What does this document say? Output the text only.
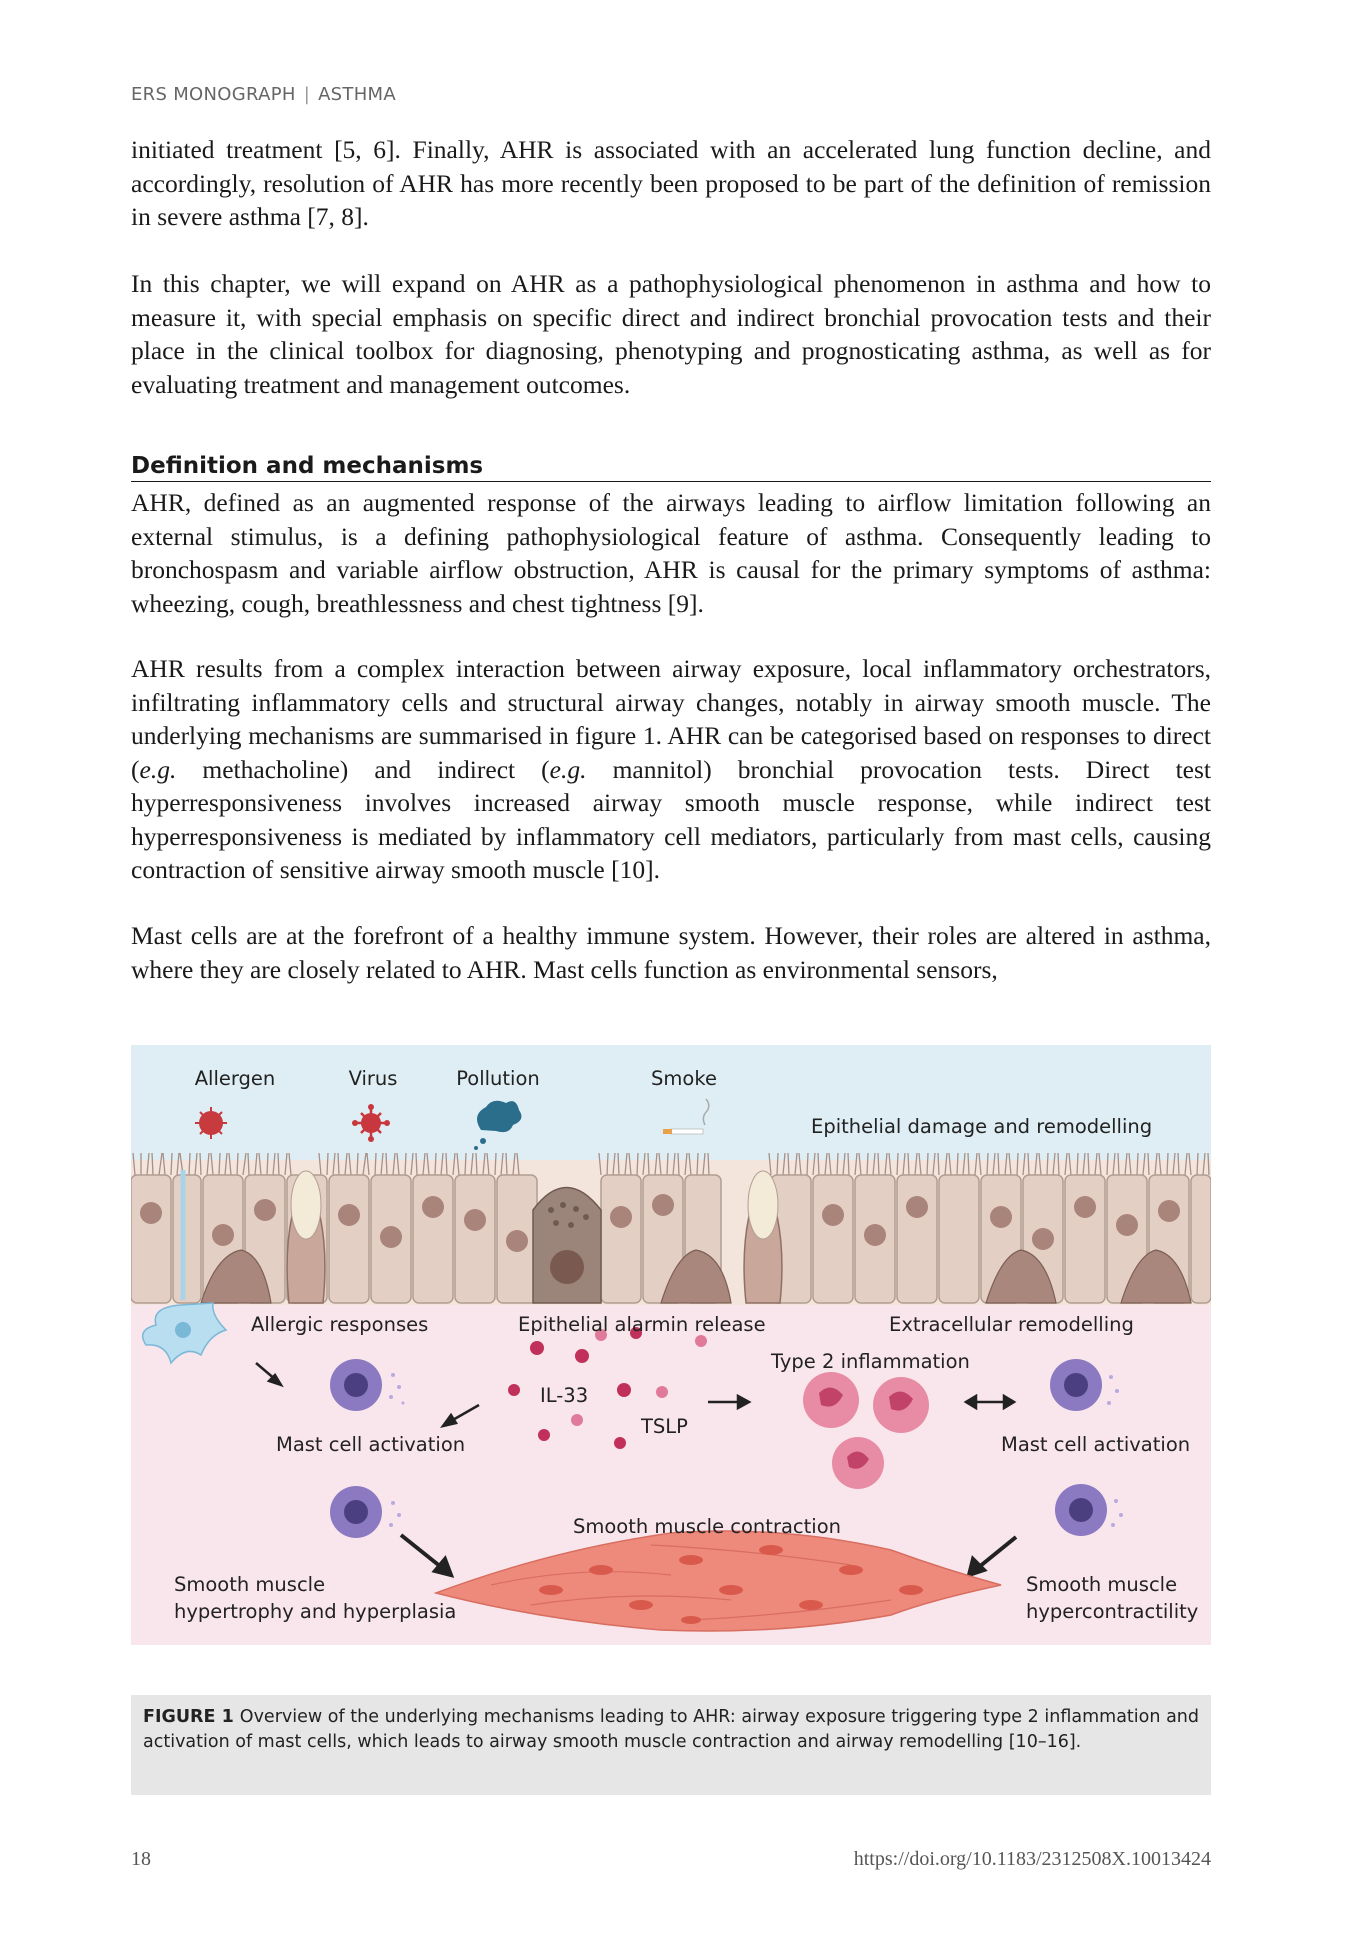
ERS MONOGRAPH | ASTHMA

initiated treatment [5, 6]. Finally, AHR is associated with an accelerated lung function decline, and accordingly, resolution of AHR has more recently been proposed to be part of the definition of remission in severe asthma [7, 8].

In this chapter, we will expand on AHR as a pathophysiological phenomenon in asthma and how to measure it, with special emphasis on specific direct and indirect bronchial provocation tests and their place in the clinical toolbox for diagnosing, phenotyping and prognosticating asthma, as well as for evaluating treatment and management outcomes.

Definition and mechanisms

AHR, defined as an augmented response of the airways leading to airflow limitation following an external stimulus, is a defining pathophysiological feature of asthma. Consequently leading to bronchospasm and variable airflow obstruction, AHR is causal for the primary symptoms of asthma: wheezing, cough, breathlessness and chest tightness [9].

AHR results from a complex interaction between airway exposure, local inflammatory orchestrators, infiltrating inflammatory cells and structural airway changes, notably in airway smooth muscle. The underlying mechanisms are summarised in figure 1. AHR can be categorised based on responses to direct (e.g. methacholine) and indirect (e.g. mannitol) bronchial provocation tests. Direct test hyperresponsiveness involves increased airway smooth muscle response, while indirect test hyperresponsiveness is mediated by inflammatory cell mediators, particularly from mast cells, causing contraction of sensitive airway smooth muscle [10].

Mast cells are at the forefront of a healthy immune system. However, their roles are altered in asthma, where they are closely related to AHR. Mast cells function as environmental sensors,

Allergen	Virus	Pollution	Smoke
Epithelial damage and remodelling
Allergic responses	Epithelial alarmin release	Extracellular remodelling
Type 2 inflammation
IL-33
TSLP
Mast cell activation	Mast cell activation
Smooth muscle contraction
Smooth muscle
hypertrophy and hyperplasia
Smooth muscle
hypercontractility
FIGURE 1 Overview of the underlying mechanisms leading to AHR: airway exposure triggering type 2 inflammation and activation of mast cells, which leads to airway smooth muscle contraction and airway remodelling [10–16].
18	https://doi.org/10.1183/2312508X.10013424
